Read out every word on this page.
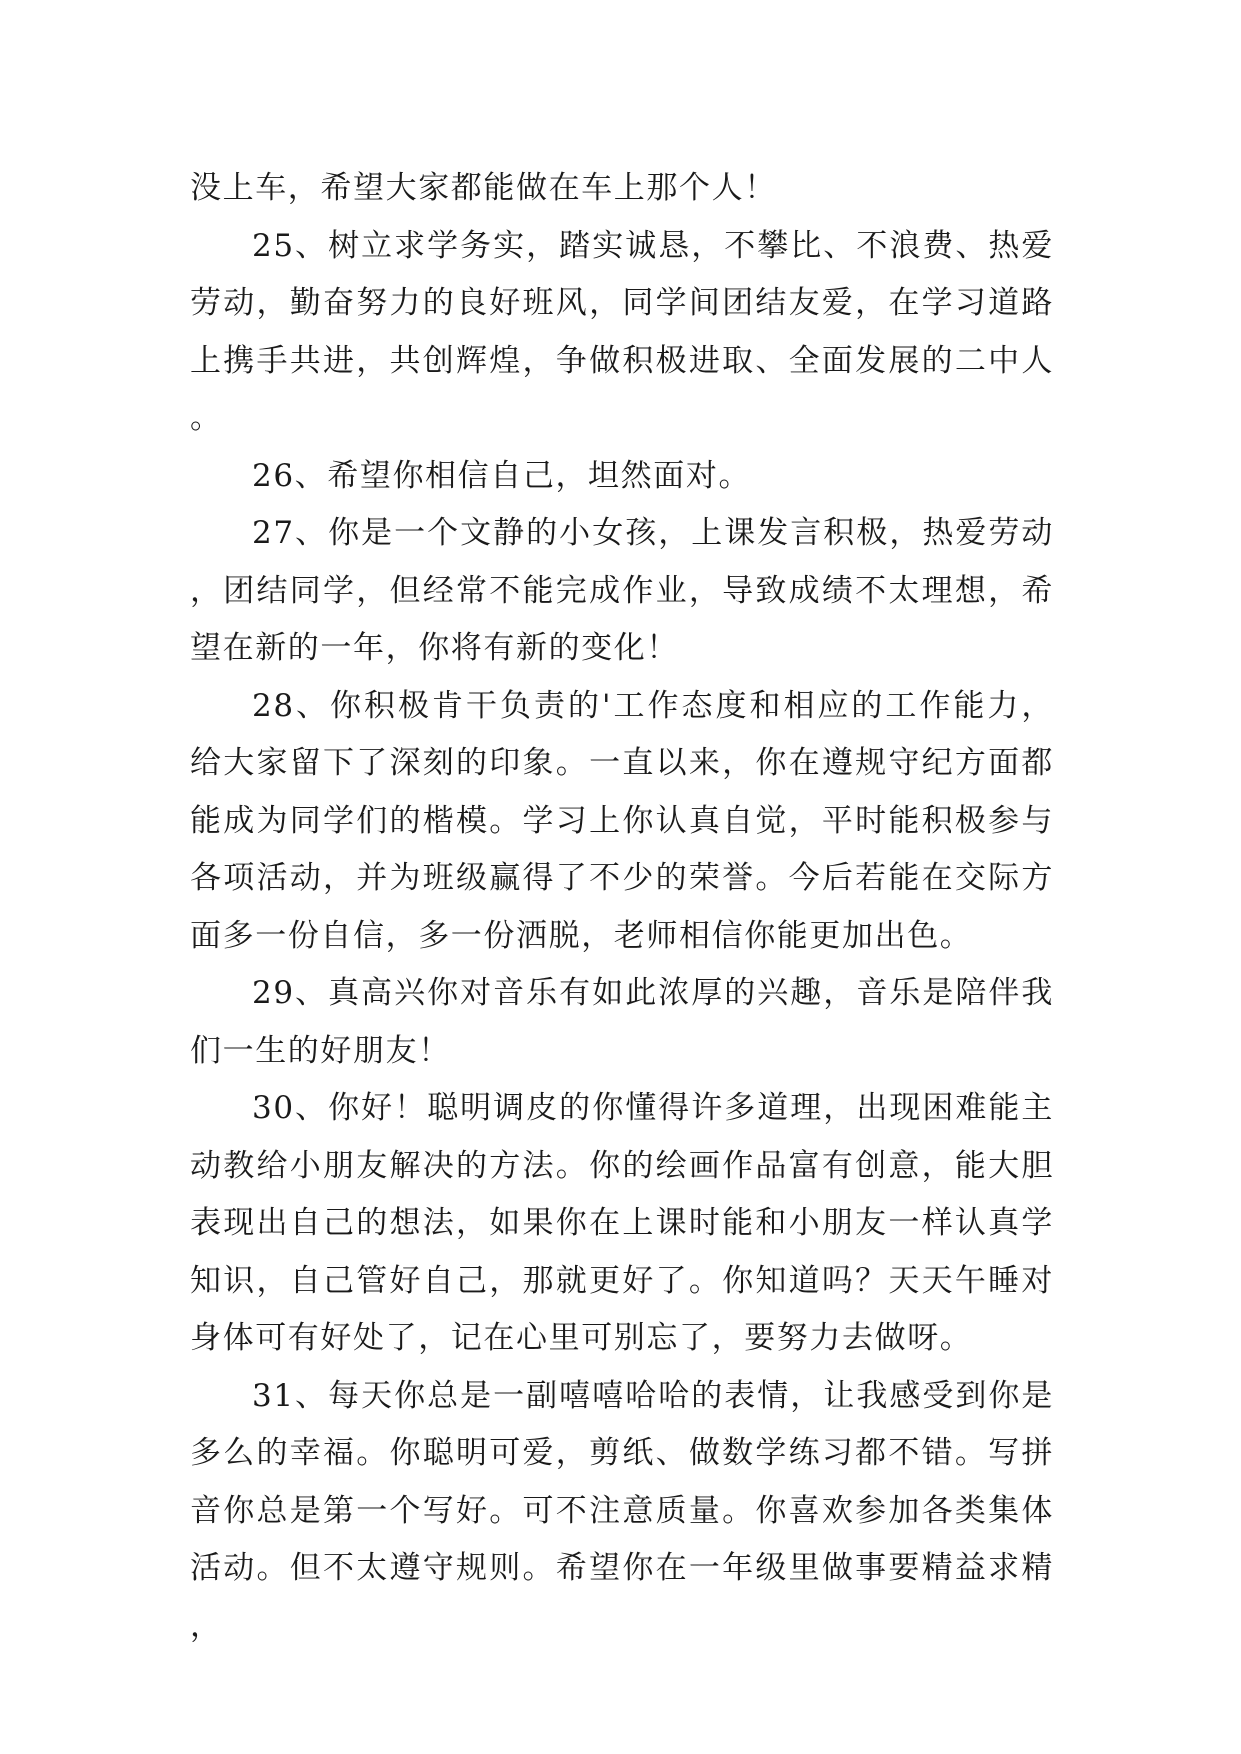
没上车，希望大家都能做在车上那个人！

25、树立求学务实，踏实诚恳，不攀比、不浪费、热爱劳动，勤奋努力的良好班风，同学间团结友爱，在学习道路上携手共进，共创辉煌，争做积极进取、全面发展的二中人。

26、希望你相信自己，坦然面对。

27、你是一个文静的小女孩，上课发言积极，热爱劳动，团结同学，但经常不能完成作业，导致成绩不太理想，希望在新的一年，你将有新的变化！

28、你积极肯干负责的'工作态度和相应的工作能力，给大家留下了深刻的印象。一直以来，你在遵规守纪方面都能成为同学们的楷模。学习上你认真自觉，平时能积极参与各项活动，并为班级赢得了不少的荣誉。今后若能在交际方面多一份自信，多一份洒脱，老师相信你能更加出色。

29、真高兴你对音乐有如此浓厚的兴趣，音乐是陪伴我们一生的好朋友！

30、你好！聪明调皮的你懂得许多道理，出现困难能主动教给小朋友解决的方法。你的绘画作品富有创意，能大胆表现出自己的想法，如果你在上课时能和小朋友一样认真学知识，自己管好自己，那就更好了。你知道吗？天天午睡对身体可有好处了，记在心里可别忘了，要努力去做呀。

31、每天你总是一副嘻嘻哈哈的表情，让我感受到你是多么的幸福。你聪明可爱，剪纸、做数学练习都不错。写拼音你总是第一个写好。可不注意质量。你喜欢参加各类集体活动。但不太遵守规则。希望你在一年级里做事要精益求精，
